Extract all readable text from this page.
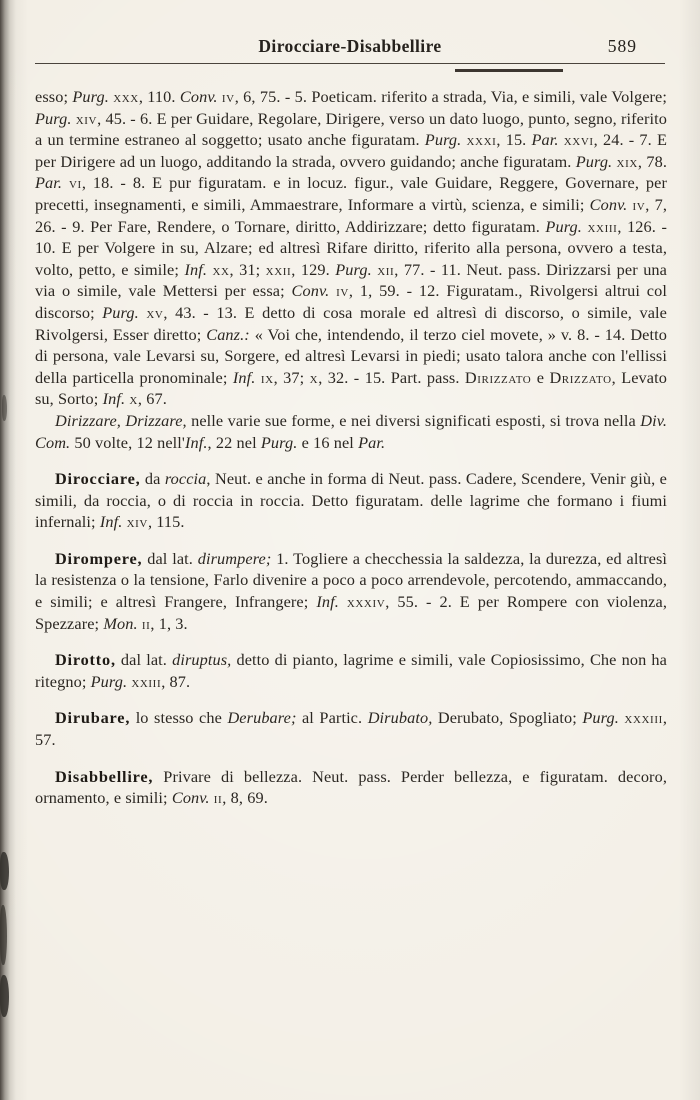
Dirocciare-Disabbellire	589

esso; Purg. xxx, 110. Conv. iv, 6, 75. - 5. Poeticam. riferito a strada, Via, e simili, vale Volgere; Purg. xiv, 45. - 6. E per Guidare, Regolare, Dirigere, verso un dato luogo, punto, segno, riferito a un termine estraneo al soggetto; usato anche figuratam. Purg. xxxi, 15. Par. xxvi, 24. - 7. E per Dirigere ad un luogo, additando la strada, ovvero guidando; anche figuratam. Purg. xix, 78. Par. vi, 18. - 8. E pur figuratam. e in locuz. figur., vale Guidare, Reggere, Governare, per precetti, insegnamenti, e simili, Ammaestrare, Informare a virtù, scienza, e simili; Conv. iv, 7, 26. - 9. Per Fare, Rendere, o Tornare, diritto, Addirizzare; detto figuratam. Purg. xxiii, 126. - 10. E per Volgere in su, Alzare; ed altresì Rifare diritto, riferito alla persona, ovvero a testa, volto, petto, e simile; Inf. xx, 31; xxii, 129. Purg. xii, 77. - 11. Neut. pass. Dirizzarsi per una via o simile, vale Mettersi per essa; Conv. iv, 1, 59. - 12. Figuratam., Rivolgersi altrui col discorso; Purg. xv, 43. - 13. E detto di cosa morale ed altresì di discorso, o simile, vale Rivolgersi, Esser diretto; Canz.: « Voi che, intendendo, il terzo ciel movete, » v. 8. - 14. Detto di persona, vale Levarsi su, Sorgere, ed altresì Levarsi in piedi; usato talora anche con l'ellissi della particella pronominale; Inf. ix, 37; x, 32. - 15. Part. pass. Dirizzato e Drizzato, Levato su, Sorto; Inf. x, 67.

Dirizzare, Drizzare, nelle varie sue forme, e nei diversi significati esposti, si trova nella Div. Com. 50 volte, 12 nell'Inf., 22 nel Purg. e 16 nel Par.

Dirocciare, da roccia, Neut. e anche in forma di Neut. pass. Cadere, Scendere, Venir giù, e simili, da roccia, o di roccia in roccia. Detto figuratam. delle lagrime che formano i fiumi infernali; Inf. xiv, 115.

Dirompere, dal lat. dirumpere; 1. Togliere a checchessia la saldezza, la durezza, ed altresì la resistenza o la tensione, Farlo divenire a poco a poco arrendevole, percotendo, ammaccando, e simili; e altresì Frangere, Infrangere; Inf. xxxiv, 55. - 2. E per Rompere con violenza, Spezzare; Mon. ii, 1, 3.

Dirotto, dal lat. diruptus, detto di pianto, lagrime e simili, vale Copiosissimo, Che non ha ritegno; Purg. xxiii, 87.

Dirubare, lo stesso che Derubare; al Partic. Dirubato, Derubato, Spogliato; Purg. xxxiii, 57.

Disabbellire, Privare di bellezza. Neut. pass. Perder bellezza, e figuratam. decoro, ornamento, e simili; Conv. ii, 8, 69.
